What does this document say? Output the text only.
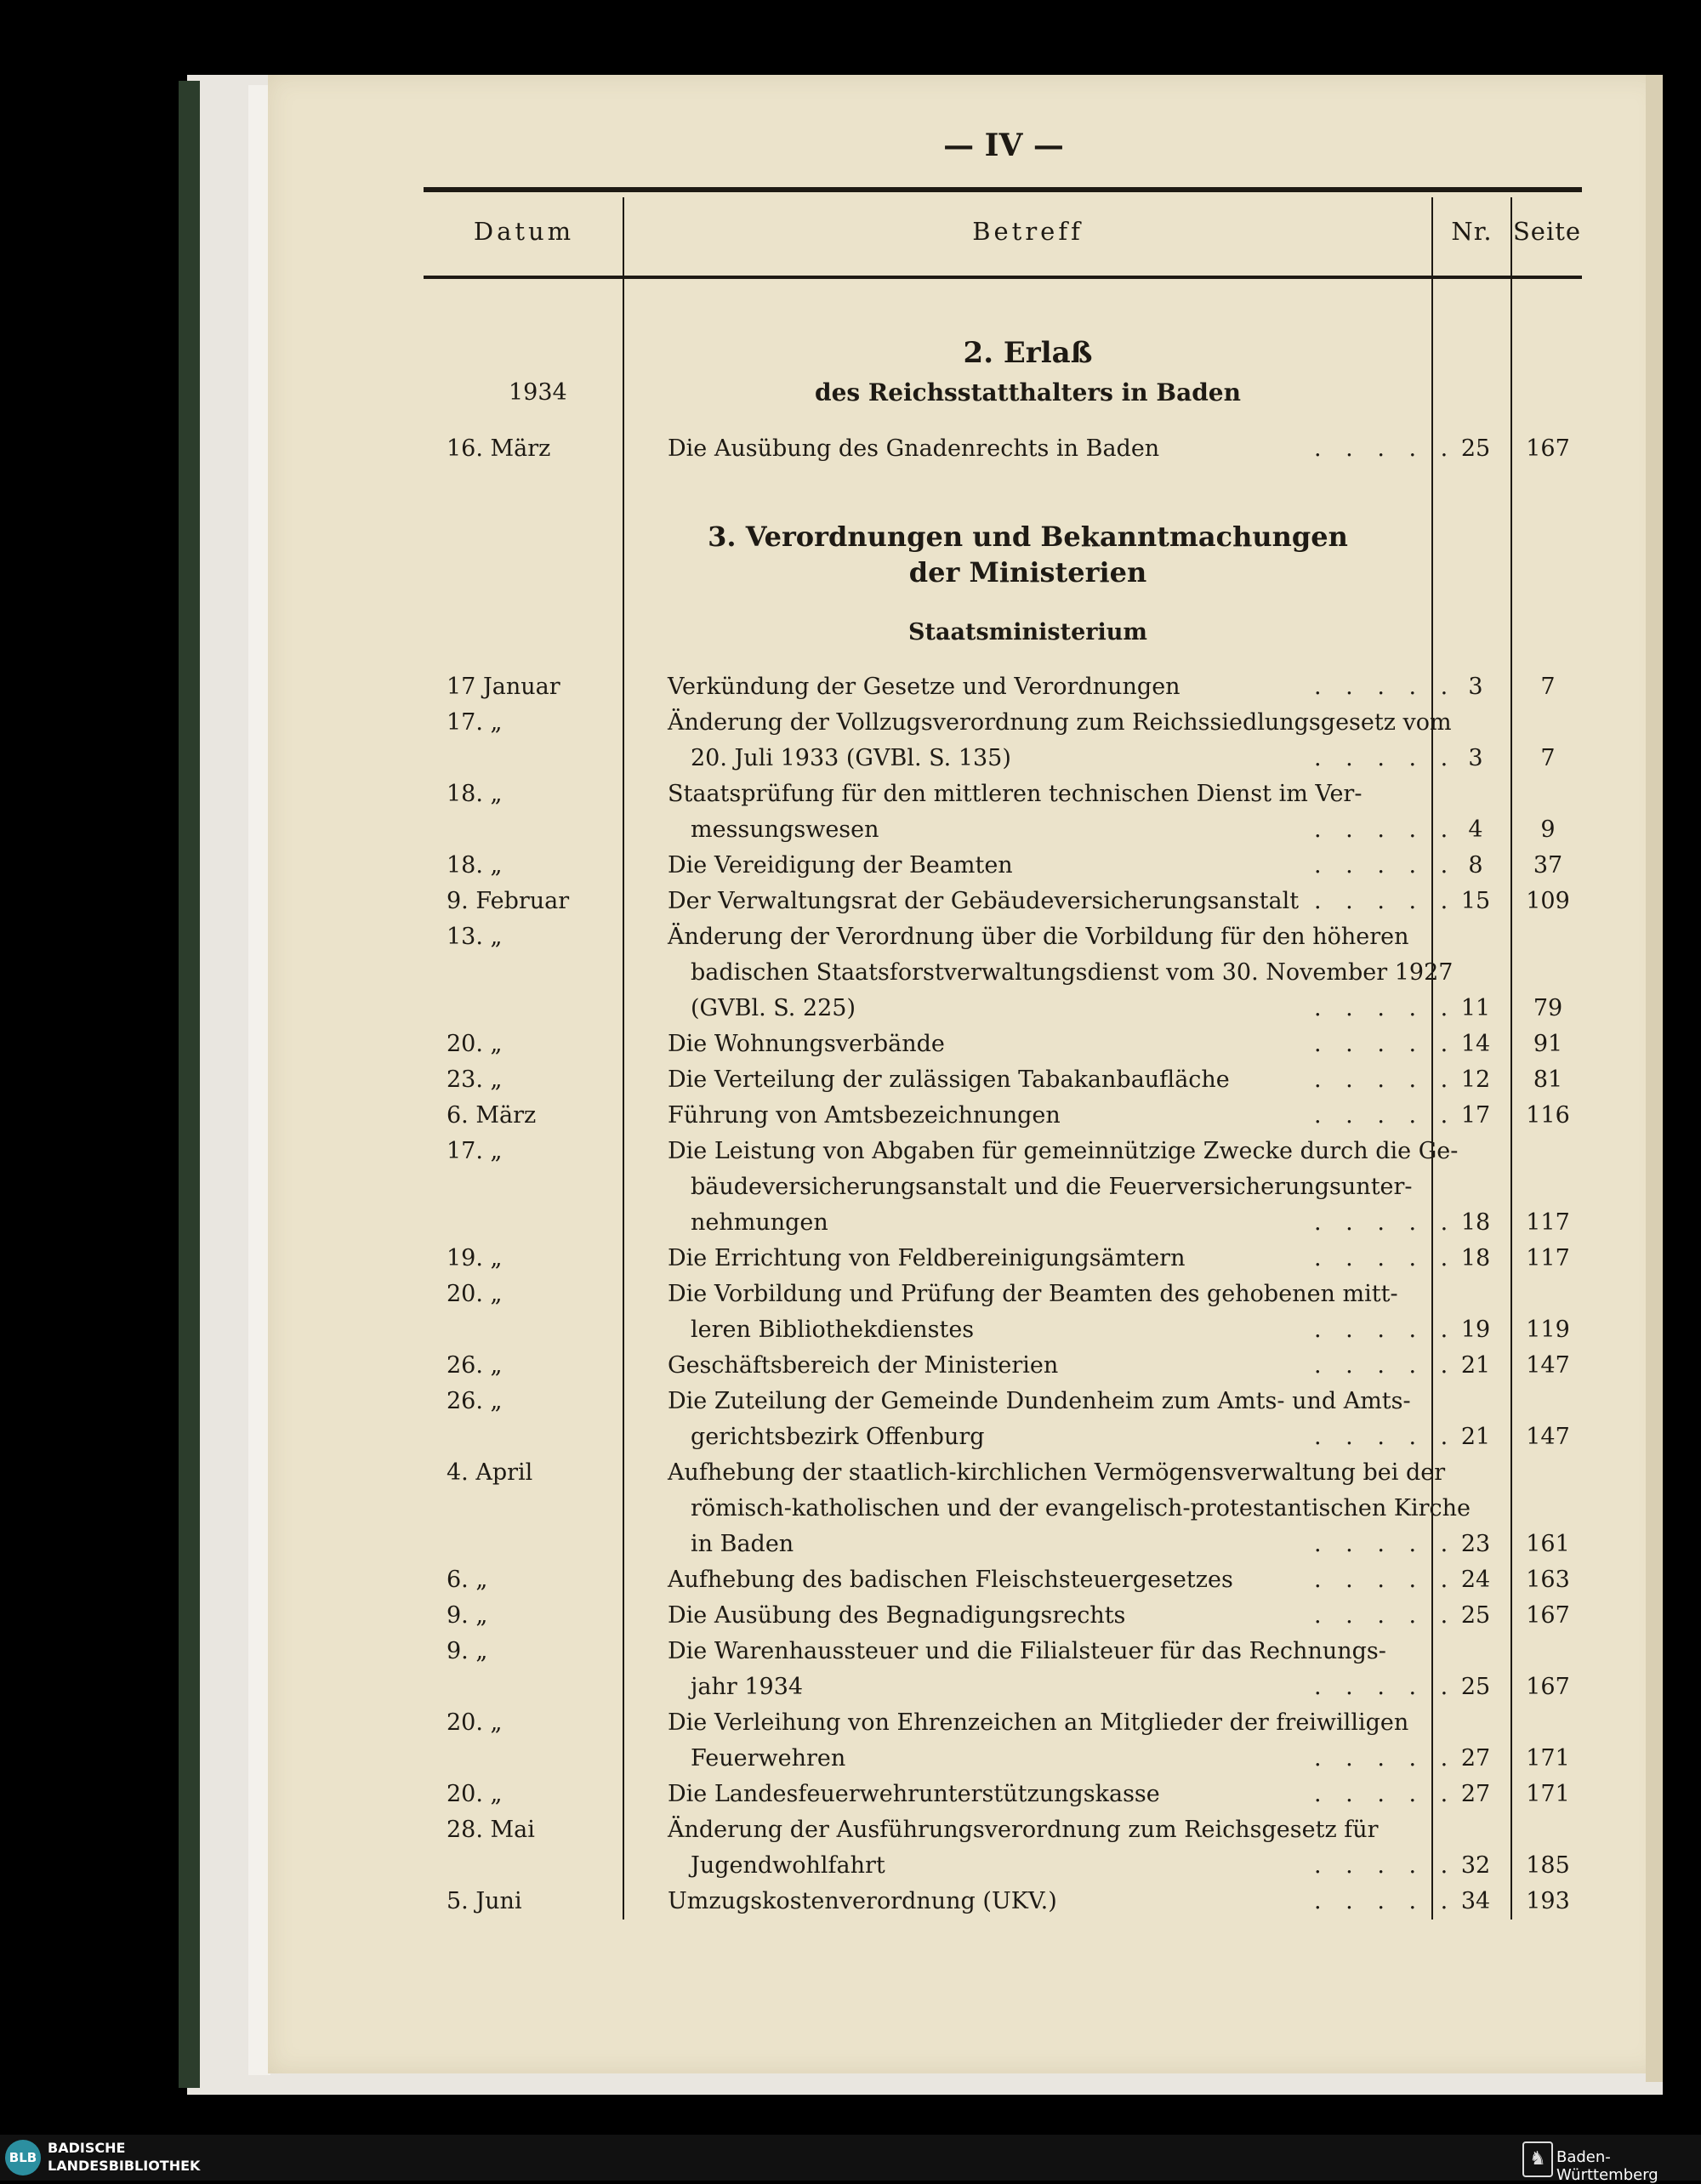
— IV —
Datum	Betreff	Nr. Seite
2. Erlaß
des Reichsstatthalters in Baden
1934
3. Verordnungen und Bekanntmachungen
der Ministerien
Staatsministerium
16. März	Die Ausübung des Gnadenrechts in Baden	. . . . . 25	167
17 Januar	Verkündung der Gesetze und Verordnungen	. . . . . 3	7
17. „	Änderung der Vollzugsverordnung zum Reichssiedlungsgesetz vom
20. Juli 1933 (GVBl. S. 135)	. . . . . 3	7
18. „	Staatsprüfung für den mittleren technischen Dienst im Ver-
messungswesen	. . . . . 4	9
18. „	Die Vereidigung der Beamten	. . . . . 8	37
9. Februar	Der Verwaltungsrat der Gebäudeversicherungsanstalt . . . . . 15	109
13. „	Änderung der Verordnung über die Vorbildung für den höheren
badischen Staatsforstverwaltungsdienst vom 30. November 1927
(GVBl. S. 225)	. . . . . 11	79
20. „	Die Wohnungsverbände	. . . . . 14	91
23. „	Die Verteilung der zulässigen Tabakanbaufläche	. . . . . 12	81
6. März	Führung von Amtsbezeichnungen	. . . . . 17	116
17. „	Die Leistung von Abgaben für gemeinnützige Zwecke durch die Ge-
bäudeversicherungsanstalt und die Feuerversicherungsunter-
nehmungen	. . . . . 18	117
19. „	Die Errichtung von Feldbereinigungsämtern	. . . . . 18	117
20. „	Die Vorbildung und Prüfung der Beamten des gehobenen mitt-
leren Bibliothekdienstes	. . . . . 19	119
26. „	Geschäftsbereich der Ministerien	. . . . . 21	147
26. „	Die Zuteilung der Gemeinde Dundenheim zum Amts- und Amts-
gerichtsbezirk Offenburg	. . . . . 21	147
4. April	Aufhebung der staatlich-kirchlichen Vermögensverwaltung bei der
römisch-katholischen und der evangelisch-protestantischen Kirche
in Baden	. . . . . 23	161
6. „	Aufhebung des badischen Fleischsteuergesetzes	. . . . . 24	163
9. „	Die Ausübung des Begnadigungsrechts	. . . . . 25	167
9. „	Die Warenhaussteuer und die Filialsteuer für das Rechnungs-
jahr 1934	. . . . . 25	167
20. „	Die Verleihung von Ehrenzeichen an Mitglieder der freiwilligen
Feuerwehren	. . . . . 27	171
20. „	Die Landesfeuerwehrunterstützungskasse	. . . . . 27	171
28. Mai	Änderung der Ausführungsverordnung zum Reichsgesetz für
Jugendwohlfahrt	. . . . . 32	185
5. Juni	Umzugskostenverordnung (UKV.)	. . . . . 34	193
BLB
BADISCHE
LANDESBIBLIOTHEK	♞ Baden-Württemberg
